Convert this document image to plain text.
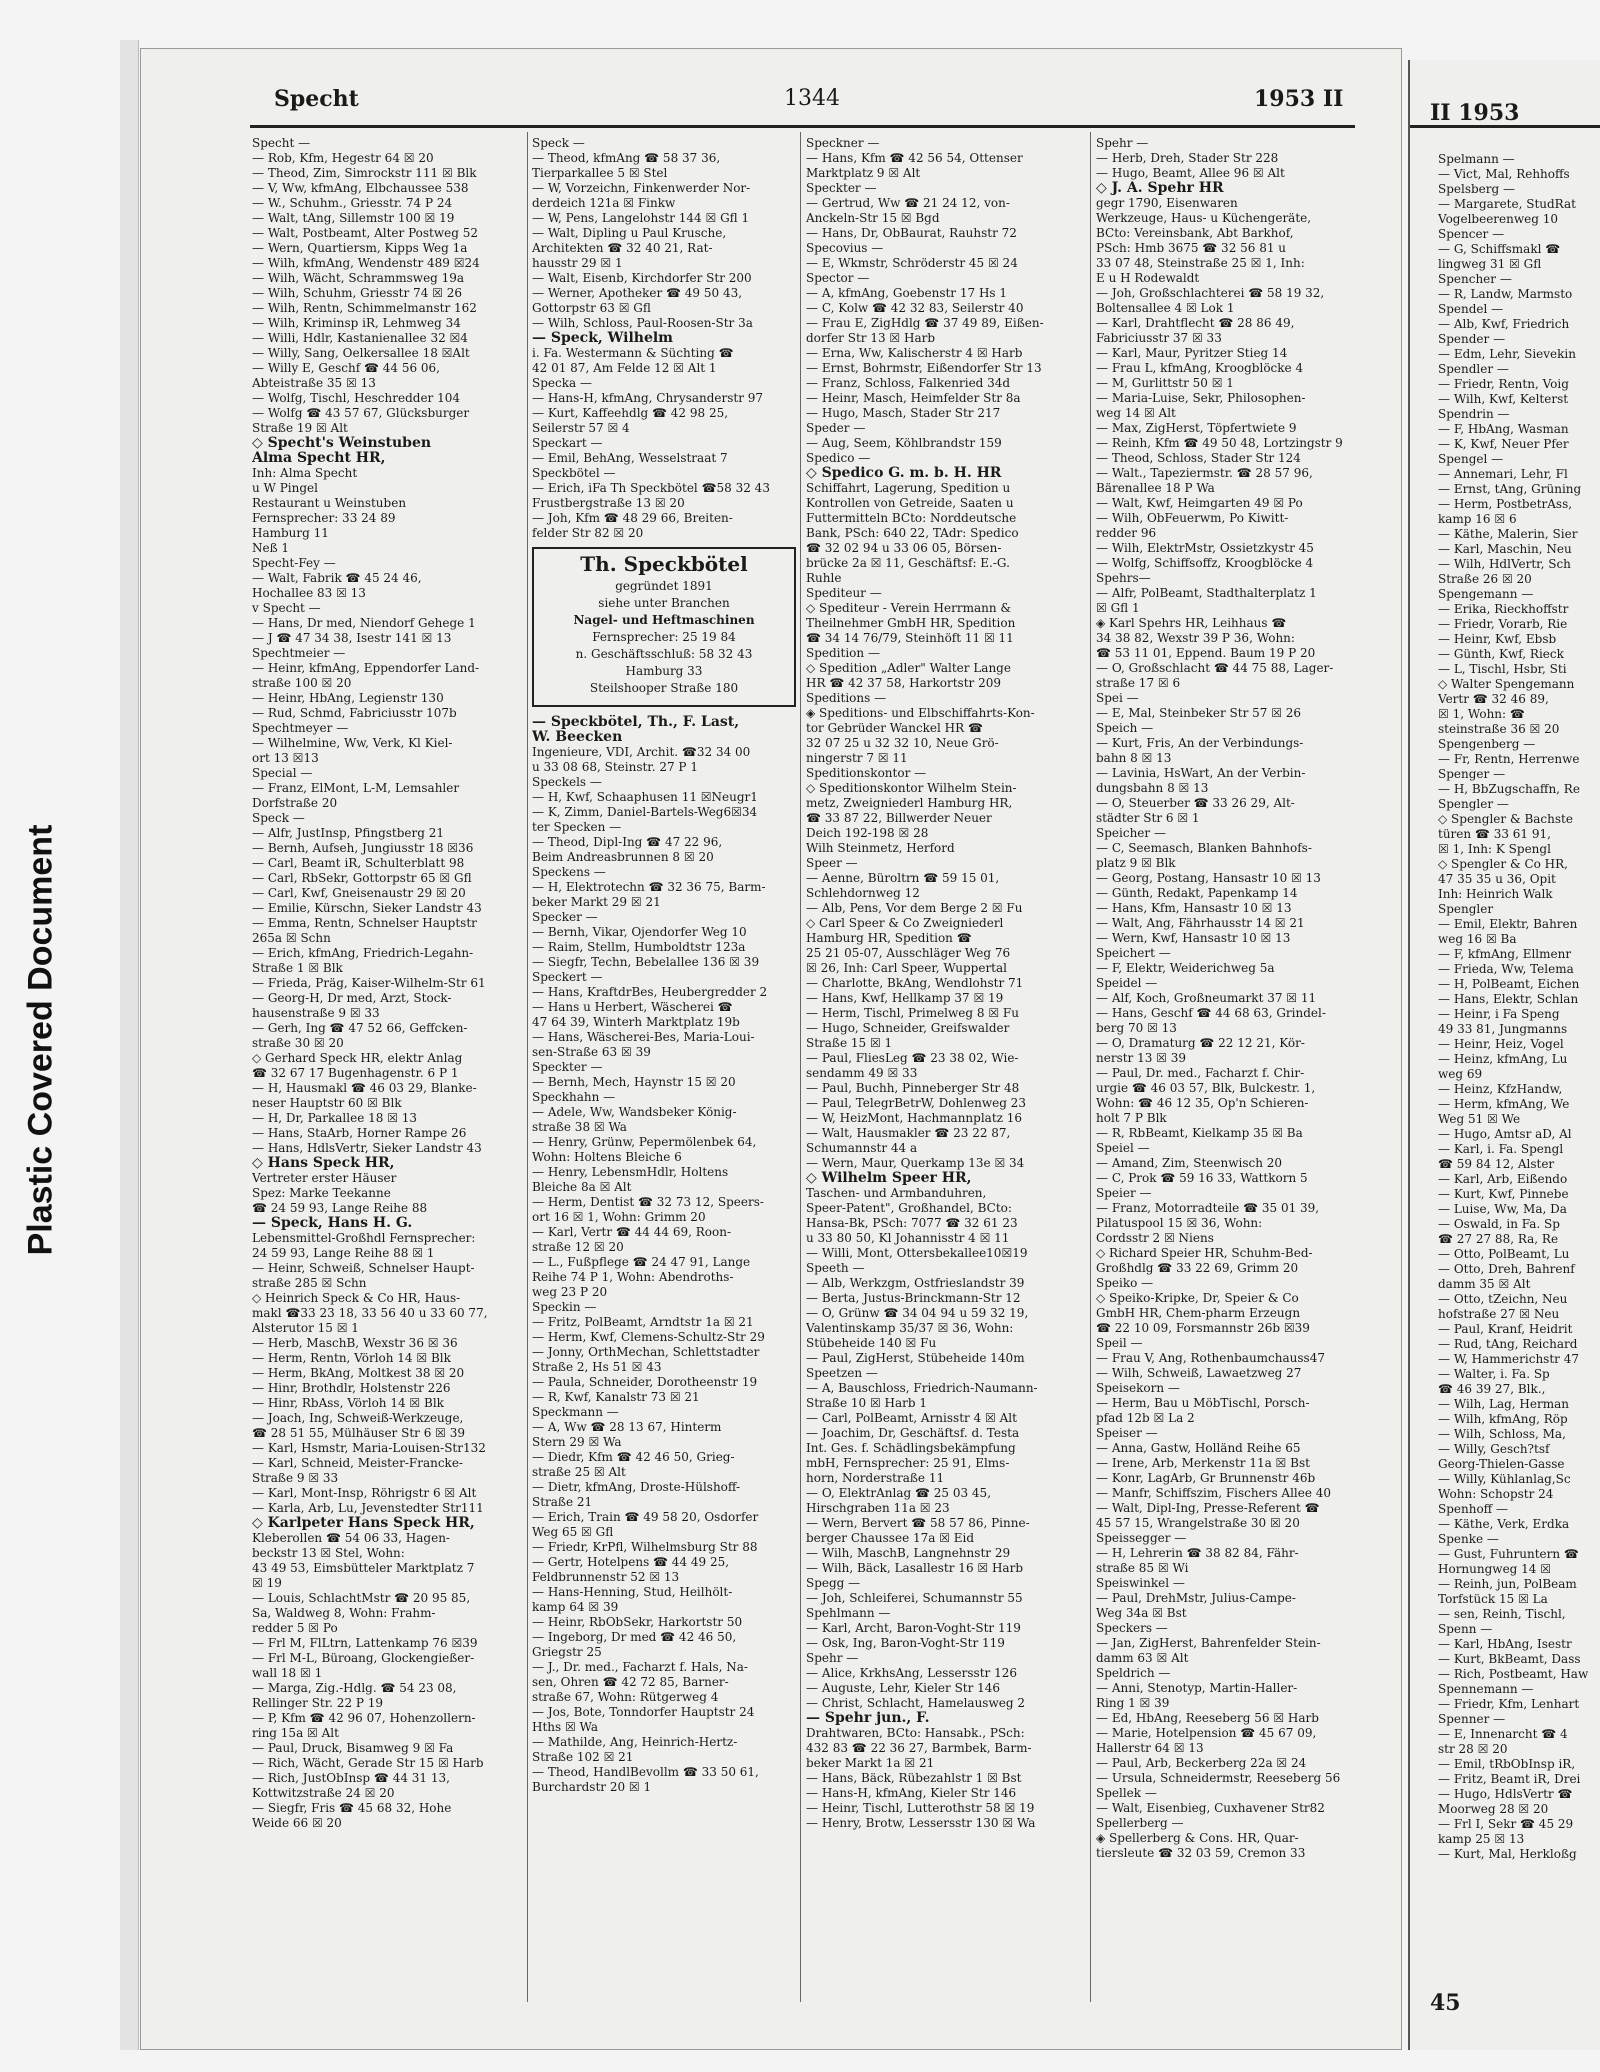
Plastic Covered Document
Specht	1344	1953 II
Specht —
— Rob, Kfm, Hegestr 64 ☒ 20
— Theod, Zim, Simrockstr 111 ☒ Blk
— V, Ww, kfmAng, Elbchaussee 538
— W., Schuhm., Griesstr. 74 P 24
— Walt, tAng, Sillemstr 100 ☒ 19
— Walt, Postbeamt, Alter Postweg 52
— Wern, Quartiersm, Kipps Weg 1a
— Wilh, kfmAng, Wendenstr 489 ☒24
— Wilh, Wächt, Schrammsweg 19a
— Wilh, Schuhm, Griesstr 74 ☒ 26
— Wilh, Rentn, Schimmelmanstr 162
— Wilh, Kriminsp iR, Lehmweg 34
— Willi, Hdlr, Kastanienallee 32 ☒4
— Willy, Sang, Oelkersallee 18 ☒Alt
— Willy E, Geschf ☎ 44 56 06,
Abteistraße 35 ☒ 13
— Wolfg, Tischl, Heschredder 104
— Wolfg ☎ 43 57 67, Glücksburger
Straße 19 ☒ Alt
◇ Specht's Weinstuben
Alma Specht HR,
Inh: Alma Specht
u W Pingel
Restaurant u Weinstuben
Fernsprecher: 33 24 89
Hamburg 11
Neß 1
Specht-Fey —
— Walt, Fabrik ☎ 45 24 46,
Hochallee 83 ☒ 13
v Specht —
— Hans, Dr med, Niendorf Gehege 1
— J ☎ 47 34 38, Isestr 141 ☒ 13
Spechtmeier —
— Heinr, kfmAng, Eppendorfer Land-
straße 100 ☒ 20
— Heinr, HbAng, Legienstr 130
— Rud, Schmd, Fabriciusstr 107b
Spechtmeyer —
— Wilhelmine, Ww, Verk, Kl Kiel-
ort 13 ☒13
Special —
— Franz, ElMont, L-M, Lemsahler
Dorfstraße 20
Speck —
— Alfr, JustInsp, Pfingstberg 21
— Bernh, Aufseh, Jungiusstr 18 ☒36
— Carl, Beamt iR, Schulterblatt 98
— Carl, RbSekr, Gottorpstr 65 ☒ Gfl
— Carl, Kwf, Gneisenaustr 29 ☒ 20
— Emilie, Kürschn, Sieker Landstr 43
— Emma, Rentn, Schnelser Hauptstr
265a ☒ Schn
— Erich, kfmAng, Friedrich-Legahn-
Straße 1 ☒ Blk
— Frieda, Präg, Kaiser-Wilhelm-Str 61
— Georg-H, Dr med, Arzt, Stock-
hausenstraße 9 ☒ 33
— Gerh, Ing ☎ 47 52 66, Geffcken-
straße 30 ☒ 20
◇ Gerhard Speck HR, elektr Anlag
☎ 32 67 17 Bugenhagenstr. 6 P 1
— H, Hausmakl ☎ 46 03 29, Blanke-
neser Hauptstr 60 ☒ Blk
— H, Dr, Parkallee 18 ☒ 13
— Hans, StaArb, Horner Rampe 26
— Hans, HdlsVertr, Sieker Landstr 43
◇ Hans Speck HR,
Vertreter erster Häuser
Spez: Marke Teekanne
☎ 24 59 93, Lange Reihe 88
— Speck, Hans H. G.
Lebensmittel-Großhdl Fernsprecher:
24 59 93, Lange Reihe 88 ☒ 1
— Heinr, Schweiß, Schnelser Haupt-
straße 285 ☒ Schn
◇ Heinrich Speck & Co HR, Haus-
makl ☎33 23 18, 33 56 40 u 33 60 77,
Alsterutor 15 ☒ 1
— Herb, MaschB, Wexstr 36 ☒ 36
— Herm, Rentn, Vörloh 14 ☒ Blk
— Herm, BkAng, Moltkest 38 ☒ 20
— Hinr, Brothdlr, Holstenstr 226
— Hinr, RbAss, Vörloh 14 ☒ Blk
— Joach, Ing, Schweiß-Werkzeuge,
☎ 28 51 55, Mülhäuser Str 6 ☒ 39
— Karl, Hsmstr, Maria-Louisen-Str132
— Karl, Schneid, Meister-Francke-
Straße 9 ☒ 33
— Karl, Mont-Insp, Röhrigstr 6 ☒ Alt
— Karla, Arb, Lu, Jevenstedter Str111
◇ Karlpeter Hans Speck HR,
Kleberollen ☎ 54 06 33, Hagen-
beckstr 13 ☒ Stel, Wohn:
43 49 53, Eimsbütteler Marktplatz 7
☒ 19
— Louis, SchlachtMstr ☎ 20 95 85,
Sa, Waldweg 8, Wohn: Frahm-
redder 5 ☒ Po
— Frl M, FlLtrn, Lattenkamp 76 ☒39
— Frl M-L, Büroang, Glockengießer-
wall 18 ☒ 1
— Marga, Zig.-Hdlg. ☎ 54 23 08,
Rellinger Str. 22 P 19
— P, Kfm ☎ 42 96 07, Hohenzollern-
ring 15a ☒ Alt
— Paul, Druck, Bisamweg 9 ☒ Fa
— Rich, Wächt, Gerade Str 15 ☒ Harb
— Rich, JustObInsp ☎ 44 31 13,
Kottwitzstraße 24 ☒ 20
— Siegfr, Fris ☎ 45 68 32, Hohe
Weide 66 ☒ 20
Speck —
— Theod, kfmAng ☎ 58 37 36,
Tierparkallee 5 ☒ Stel
— W, Vorzeichn, Finkenwerder Nor-
derdeich 121a ☒ Finkw
— W, Pens, Langelohstr 144 ☒ Gfl 1
— Walt, Dipling u Paul Krusche,
Architekten ☎ 32 40 21, Rat-
hausstr 29 ☒ 1
— Walt, Eisenb, Kirchdorfer Str 200
— Werner, Apotheker ☎ 49 50 43,
Gottorpstr 63 ☒ Gfl
— Wilh, Schloss, Paul-Roosen-Str 3a
— Speck, Wilhelm
i. Fa. Westermann & Süchting ☎
42 01 87, Am Felde 12 ☒ Alt 1
Specka —
— Hans-H, kfmAng, Chrysanderstr 97
— Kurt, Kaffeehdlg ☎ 42 98 25,
Seilerstr 57 ☒ 4
Speckart —
— Emil, BehAng, Wesselstraat 7
Speckbötel —
— Erich, iFa Th Speckbötel ☎58 32 43
Frustbergstraße 13 ☒ 20
— Joh, Kfm ☎ 48 29 66, Breiten-
felder Str 82 ☒ 20
Th. Speckbötel
gegründet 1891
siehe unter Branchen
Nagel- und Heftmaschinen
Fernsprecher: 25 19 84
n. Geschäftsschluß: 58 32 43
Hamburg 33
Steilshooper Straße 180
— Speckbötel, Th., F. Last,
W. Beecken
Ingenieure, VDI, Archit. ☎32 34 00
u 33 08 68, Steinstr. 27 P 1
Speckels —
— H, Kwf, Schaaphusen 11 ☒Neugr1
— K, Zimm, Daniel-Bartels-Weg6☒34
ter Specken —
— Theod, Dipl-Ing ☎ 47 22 96,
Beim Andreasbrunnen 8 ☒ 20
Speckens —
— H, Elektrotechn ☎ 32 36 75, Barm-
beker Markt 29 ☒ 21
Specker —
— Bernh, Vikar, Ojendorfer Weg 10
— Raim, Stellm, Humboldtstr 123a
— Siegfr, Techn, Bebelallee 136 ☒ 39
Speckert —
— Hans, KraftdrBes, Heubergredder 2
— Hans u Herbert, Wäscherei ☎
47 64 39, Winterh Marktplatz 19b
— Hans, Wäscherei-Bes, Maria-Loui-
sen-Straße 63 ☒ 39
Speckter —
— Bernh, Mech, Haynstr 15 ☒ 20
Speckhahn —
— Adele, Ww, Wandsbeker König-
straße 38 ☒ Wa
— Henry, Grünw, Pepermölenbek 64,
Wohn: Holtens Bleiche 6
— Henry, LebensmHdlr, Holtens
Bleiche 8a ☒ Alt
— Herm, Dentist ☎ 32 73 12, Speers-
ort 16 ☒ 1, Wohn: Grimm 20
— Karl, Vertr ☎ 44 44 69, Roon-
straße 12 ☒ 20
— L., Fußpflege ☎ 24 47 91, Lange
Reihe 74 P 1, Wohn: Abendroths-
weg 23 P 20
Speckin —
— Fritz, PolBeamt, Arndtstr 1a ☒ 21
— Herm, Kwf, Clemens-Schultz-Str 29
— Jonny, OrthMechan, Schlettstadter
Straße 2, Hs 51 ☒ 43
— Paula, Schneider, Dorotheenstr 19
— R, Kwf, Kanalstr 73 ☒ 21
Speckmann —
— A, Ww ☎ 28 13 67, Hinterm
Stern 29 ☒ Wa
— Diedr, Kfm ☎ 42 46 50, Grieg-
straße 25 ☒ Alt
— Dietr, kfmAng, Droste-Hülshoff-
Straße 21
— Erich, Train ☎ 49 58 20, Osdorfer
Weg 65 ☒ Gfl
— Friedr, KrPfl, Wilhelmsburg Str 88
— Gertr, Hotelpens ☎ 44 49 25,
Feldbrunnenstr 52 ☒ 13
— Hans-Henning, Stud, Heilhölt-
kamp 64 ☒ 39
— Heinr, RbObSekr, Harkortstr 50
— Ingeborg, Dr med ☎ 42 46 50,
Griegstr 25
— J., Dr. med., Facharzt f. Hals, Na-
sen, Ohren ☎ 42 72 85, Barner-
straße 67, Wohn: Rütgerweg 4
— Jos, Bote, Tonndorfer Hauptstr 24
Hths ☒ Wa
— Mathilde, Ang, Heinrich-Hertz-
Straße 102 ☒ 21
— Theod, HandlBevollm ☎ 33 50 61,
Burchardstr 20 ☒ 1
Speckner —
— Hans, Kfm ☎ 42 56 54, Ottenser
Marktplatz 9 ☒ Alt
Speckter —
— Gertrud, Ww ☎ 21 24 12, von-
Anckeln-Str 15 ☒ Bgd
— Hans, Dr, ObBaurat, Rauhstr 72
Specovius —
— E, Wkmstr, Schröderstr 45 ☒ 24
Spector —
— A, kfmAng, Goebenstr 17 Hs 1
— C, Kolw ☎ 42 32 83, Seilerstr 40
— Frau E, ZigHdlg ☎ 37 49 89, Eißen-
dorfer Str 13 ☒ Harb
— Erna, Ww, Kalischerstr 4 ☒ Harb
— Ernst, Bohrmstr, Eißendorfer Str 13
— Franz, Schloss, Falkenried 34d
— Heinr, Masch, Heimfelder Str 8a
— Hugo, Masch, Stader Str 217
Speder —
— Aug, Seem, Köhlbrandstr 159
Spedico —
◇ Spedico G. m. b. H. HR
Schiffahrt, Lagerung, Spedition u
Kontrollen von Getreide, Saaten u
Futtermitteln BCto: Norddeutsche
Bank, PSch: 640 22, TAdr: Spedico
☎ 32 02 94 u 33 06 05, Börsen-
brücke 2a ☒ 11, Geschäftsf: E.-G.
Ruhle
Spediteur —
◇ Spediteur - Verein Herrmann &
Theilnehmer GmbH HR, Spedition
☎ 34 14 76/79, Steinhöft 11 ☒ 11
Spedition —
◇ Spedition „Adler" Walter Lange
HR ☎ 42 37 58, Harkortstr 209
Speditions —
◈ Speditions- und Elbschiffahrts-Kon-
tor Gebrüder Wanckel HR ☎
32 07 25 u 32 32 10, Neue Grö-
ningerstr 7 ☒ 11
Speditionskontor —
◇ Speditionskontor Wilhelm Stein-
metz, Zweigniederl Hamburg HR,
☎ 33 87 22, Billwerder Neuer
Deich 192-198 ☒ 28
Wilh Steinmetz, Herford
Speer —
— Aenne, Büroltrn ☎ 59 15 01,
Schlehdornweg 12
— Alb, Pens, Vor dem Berge 2 ☒ Fu
◇ Carl Speer & Co Zweigniederl
Hamburg HR, Spedition ☎
25 21 05-07, Ausschläger Weg 76
☒ 26, Inh: Carl Speer, Wuppertal
— Charlotte, BkAng, Wendlohstr 71
— Hans, Kwf, Hellkamp 37 ☒ 19
— Herm, Tischl, Primelweg 8 ☒ Fu
— Hugo, Schneider, Greifswalder
Straße 15 ☒ 1
— Paul, FliesLeg ☎ 23 38 02, Wie-
sendamm 49 ☒ 33
— Paul, Buchh, Pinneberger Str 48
— Paul, TelegrBetrW, Dohlenweg 23
— W, HeizMont, Hachmannplatz 16
— Walt, Hausmakler ☎ 23 22 87,
Schumannstr 44 a
— Wern, Maur, Querkamp 13e ☒ 34
◇ Wilhelm Speer HR,
Taschen- und Armbanduhren,
Speer-Patent", Großhandel, BCto:
Hansa-Bk, PSch: 7077 ☎ 32 61 23
u 33 80 50, Kl Johannisstr 4 ☒ 11
— Willi, Mont, Ottersbekallee10☒19
Speeth —
— Alb, Werkzgm, Ostfrieslandstr 39
— Berta, Justus-Brinckmann-Str 12
— O, Grünw ☎ 34 04 94 u 59 32 19,
Valentinskamp 35/37 ☒ 36, Wohn:
Stübeheide 140 ☒ Fu
— Paul, ZigHerst, Stübeheide 140m
Speetzen —
— A, Bauschloss, Friedrich-Naumann-
Straße 10 ☒ Harb 1
— Carl, PolBeamt, Arnisstr 4 ☒ Alt
— Joachim, Dr, Geschäftsf. d. Testa
Int. Ges. f. Schädlingsbekämpfung
mbH, Fernsprecher: 25 91, Elms-
horn, Norderstraße 11
— O, ElektrAnlag ☎ 25 03 45,
Hirschgraben 11a ☒ 23
— Wern, Bervert ☎ 58 57 86, Pinne-
berger Chaussee 17a ☒ Eid
— Wilh, MaschB, Langnehnstr 29
— Wilh, Bäck, Lasallestr 16 ☒ Harb
Spegg —
— Joh, Schleiferei, Schumannstr 55
Spehlmann —
— Karl, Archt, Baron-Voght-Str 119
— Osk, Ing, Baron-Voght-Str 119
Spehr —
— Alice, KrkhsAng, Lessersstr 126
— Auguste, Lehr, Kieler Str 146
— Christ, Schlacht, Hamelausweg 2
— Spehr jun., F.
Drahtwaren, BCto: Hansabk., PSch:
432 83 ☎ 22 36 27, Barmbek, Barm-
beker Markt 1a ☒ 21
— Hans, Bäck, Rübezahlstr 1 ☒ Bst
— Hans-H, kfmAng, Kieler Str 146
— Heinr, Tischl, Lutterothstr 58 ☒ 19
— Henry, Brotw, Lessersstr 130 ☒ Wa
Spehr —
— Herb, Dreh, Stader Str 228
— Hugo, Beamt, Allee 96 ☒ Alt
◇ J. A. Spehr HR
gegr 1790, Eisenwaren
Werkzeuge, Haus- u Küchengeräte,
BCto: Vereinsbank, Abt Barkhof,
PSch: Hmb 3675 ☎ 32 56 81 u
33 07 48, Steinstraße 25 ☒ 1, Inh:
E u H Rodewaldt
— Joh, Großschlachterei ☎ 58 19 32,
Boltensallee 4 ☒ Lok 1
— Karl, Drahtflecht ☎ 28 86 49,
Fabriciusstr 37 ☒ 33
— Karl, Maur, Pyritzer Stieg 14
— Frau L, kfmAng, Kroogblöcke 4
— M, Gurlittstr 50 ☒ 1
— Maria-Luise, Sekr, Philosophen-
weg 14 ☒ Alt
— Max, ZigHerst, Töpfertwiete 9
— Reinh, Kfm ☎ 49 50 48, Lortzingstr 9
— Theod, Schloss, Stader Str 124
— Walt., Tapeziermstr. ☎ 28 57 96,
Bärenallee 18 P Wa
— Walt, Kwf, Heimgarten 49 ☒ Po
— Wilh, ObFeuerwm, Po Kiwitt-
redder 96
— Wilh, ElektrMstr, Ossietzkystr 45
— Wolfg, Schiffsoffz, Kroogblöcke 4
Spehrs—
— Alfr, PolBeamt, Stadthalterplatz 1
☒ Gfl 1
◈ Karl Spehrs HR, Leihhaus ☎
34 38 82, Wexstr 39 P 36, Wohn:
☎ 53 11 01, Eppend. Baum 19 P 20
— O, Großschlacht ☎ 44 75 88, Lager-
straße 17 ☒ 6
Spei —
— E, Mal, Steinbeker Str 57 ☒ 26
Speich —
— Kurt, Fris, An der Verbindungs-
bahn 8 ☒ 13
— Lavinia, HsWart, An der Verbin-
dungsbahn 8 ☒ 13
— O, Steuerber ☎ 33 26 29, Alt-
städter Str 6 ☒ 1
Speicher —
— C, Seemasch, Blanken Bahnhofs-
platz 9 ☒ Blk
— Georg, Postang, Hansastr 10 ☒ 13
— Günth, Redakt, Papenkamp 14
— Hans, Kfm, Hansastr 10 ☒ 13
— Walt, Ang, Fährhausstr 14 ☒ 21
— Wern, Kwf, Hansastr 10 ☒ 13
Speichert —
— F, Elektr, Weiderichweg 5a
Speidel —
— Alf, Koch, Großneumarkt 37 ☒ 11
— Hans, Geschf ☎ 44 68 63, Grindel-
berg 70 ☒ 13
— O, Dramaturg ☎ 22 12 21, Kör-
nerstr 13 ☒ 39
— Paul, Dr. med., Facharzt f. Chir-
urgie ☎ 46 03 57, Blk, Bulckestr. 1,
Wohn: ☎ 46 12 35, Op'n Schieren-
holt 7 P Blk
— R, RbBeamt, Kielkamp 35 ☒ Ba
Speiel —
— Amand, Zim, Steenwisch 20
— C, Prok ☎ 59 16 33, Wattkorn 5
Speier —
— Franz, Motorradteile ☎ 35 01 39,
Pilatuspool 15 ☒ 36, Wohn:
Cordsstr 2 ☒ Niens
◇ Richard Speier HR, Schuhm-Bed-
Großhdlg ☎ 33 22 69, Grimm 20
Speiko —
◇ Speiko-Kripke, Dr, Speier & Co
GmbH HR, Chem-pharm Erzeugn
☎ 22 10 09, Forsmannstr 26b ☒39
Speil —
— Frau V, Ang, Rothenbaumchauss47
— Wilh, Schweiß, Lawaetzweg 27
Speisekorn —
— Herm, Bau u MöbTischl, Porsch-
pfad 12b ☒ La 2
Speiser —
— Anna, Gastw, Holländ Reihe 65
— Irene, Arb, Merkenstr 11a ☒ Bst
— Konr, LagArb, Gr Brunnenstr 46b
— Manfr, Schiffszim, Fischers Allee 40
— Walt, Dipl-Ing, Presse-Referent ☎
45 57 15, Wrangelstraße 30 ☒ 20
Speissegger —
— H, Lehrerin ☎ 38 82 84, Fähr-
straße 85 ☒ Wi
Speiswinkel —
— Paul, DrehMstr, Julius-Campe-
Weg 34a ☒ Bst
Speckers —
— Jan, ZigHerst, Bahrenfelder Stein-
damm 63 ☒ Alt
Speldrich —
— Anni, Stenotyp, Martin-Haller-
Ring 1 ☒ 39
— Ed, HbAng, Reeseberg 56 ☒ Harb
— Marie, Hotelpension ☎ 45 67 09,
Hallerstr 64 ☒ 13
— Paul, Arb, Beckerberg 22a ☒ 24
— Ursula, Schneidermstr, Reeseberg 56
Spellek —
— Walt, Eisenbieg, Cuxhavener Str82
Spellerberg —
◈ Spellerberg & Cons. HR, Quar-
tiersleute ☎ 32 03 59, Cremon 33
II 1953
Spelmann —
— Vict, Mal, Rehhoffs
Spelsberg —
— Margarete, StudRat
Vogelbeerenweg 10
Spencer —
— G, Schiffsmakl ☎
lingweg 31 ☒ Gfl
Spencher —
— R, Landw, Marmsto
Spendel —
— Alb, Kwf, Friedrich
Spender —
— Edm, Lehr, Sievekin
Spendler —
— Friedr, Rentn, Voig
— Wilh, Kwf, Kelterst
Spendrin —
— F, HbAng, Wasman
— K, Kwf, Neuer Pfer
Spengel —
— Annemari, Lehr, Fl
— Ernst, tAng, Grüning
— Herm, PostbetrAss,
kamp 16 ☒ 6
— Käthe, Malerin, Sier
— Karl, Maschin, Neu
— Wilh, HdlVertr, Sch
Straße 26 ☒ 20
Spengemann —
— Erika, Rieckhoffstr
— Friedr, Vorarb, Rie
— Heinr, Kwf, Ebsb
— Günth, Kwf, Rieck
— L, Tischl, Hsbr, Sti
◇ Walter Spengemann
Vertr ☎ 32 46 89,
☒ 1, Wohn: ☎
steinstraße 36 ☒ 20
Spengenberg —
— Fr, Rentn, Herrenwe
Spenger —
— H, BbZugschaffn, Re
Spengler —
◇ Spengler & Bachste
türen ☎ 33 61 91,
☒ 1, Inh: K Spengl
◇ Spengler & Co HR,
47 35 35 u 36, Opit
Inh: Heinrich Walk
Spengler
— Emil, Elektr, Bahren
weg 16 ☒ Ba
— F, kfmAng, Ellmenr
— Frieda, Ww, Telema
— H, PolBeamt, Eichen
— Hans, Elektr, Schlan
— Heinr, i Fa Speng
49 33 81, Jungmanns
— Heinr, Heiz, Vogel
— Heinz, kfmAng, Lu
weg 69
— Heinz, KfzHandw,
— Herm, kfmAng, We
Weg 51 ☒ We
— Hugo, Amtsr aD, Al
— Karl, i. Fa. Spengl
☎ 59 84 12, Alster
— Karl, Arb, Eißendo
— Kurt, Kwf, Pinnebe
— Luise, Ww, Ma, Da
— Oswald, in Fa. Sp
☎ 27 27 88, Ra, Re
— Otto, PolBeamt, Lu
— Otto, Dreh, Bahrenf
damm 35 ☒ Alt
— Otto, tZeichn, Neu
hofstraße 27 ☒ Neu
— Paul, Kranf, Heidrit
— Rud, tAng, Reichard
— W, Hammerichstr 47
— Walter, i. Fa. Sp
☎ 46 39 27, Blk.,
— Wilh, Lag, Herman
— Wilh, kfmAng, Röp
— Wilh, Schloss, Ma,
— Willy, Gesch?tsf
Georg-Thielen-Gasse
— Willy, Kühlanlag,Sc
Wohn: Schopstr 24
Spenhoff —
— Käthe, Verk, Erdka
Spenke —
— Gust, Fuhruntern ☎
Hornungweg 14 ☒
— Reinh, jun, PolBeam
Torfstück 15 ☒ La
— sen, Reinh, Tischl,
Spenn —
— Karl, HbAng, Isestr
— Kurt, BkBeamt, Dass
— Rich, Postbeamt, Haw
Spennemann —
— Friedr, Kfm, Lenhart
Spenner —
— E, Innenarcht ☎ 4
str 28 ☒ 20
— Emil, tRbObInsp iR,
— Fritz, Beamt iR, Drei
— Hugo, HdlsVertr ☎
Moorweg 28 ☒ 20
— Frl I, Sekr ☎ 45 29
kamp 25 ☒ 13
— Kurt, Mal, Herkloßg
45
